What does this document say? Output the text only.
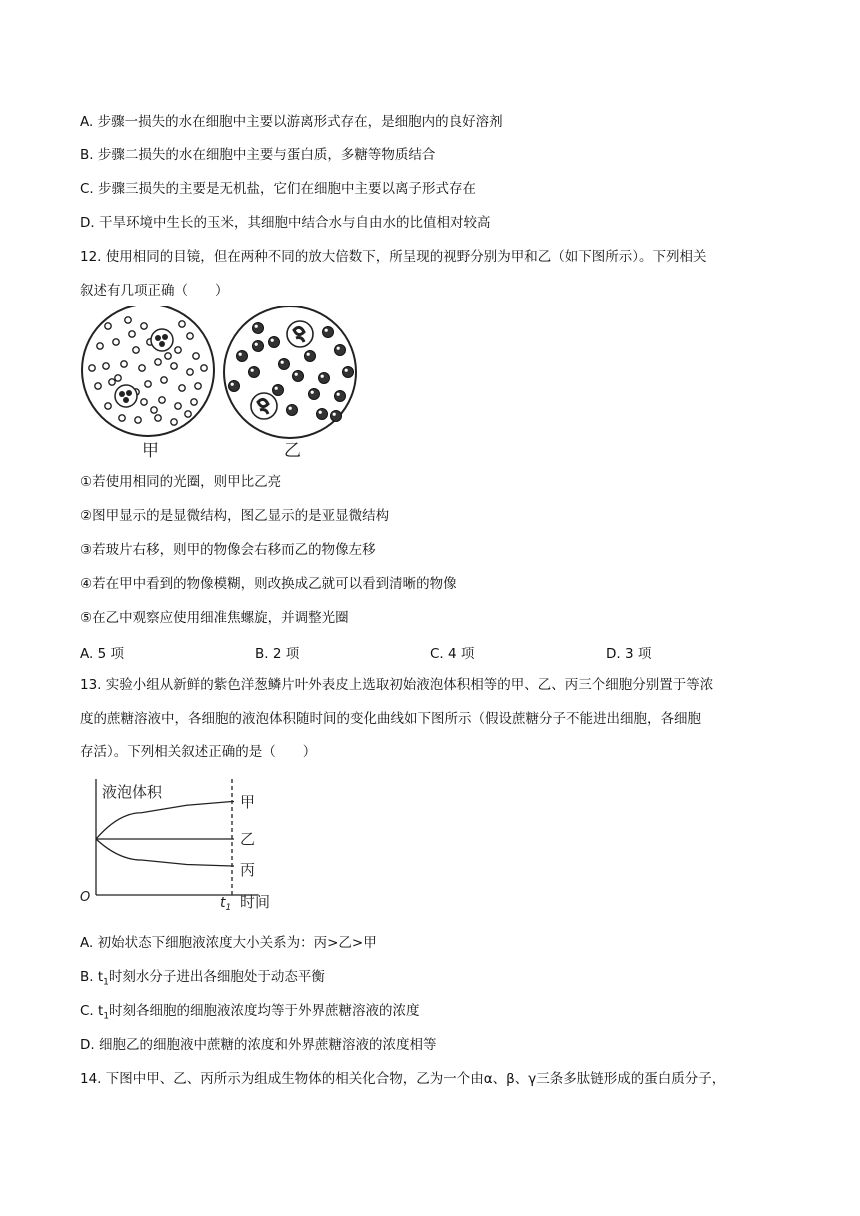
A. 步骤一损失的水在细胞中主要以游离形式存在，是细胞内的良好溶剂
B. 步骤二损失的水在细胞中主要与蛋白质，多糖等物质结合
C. 步骤三损失的主要是无机盐，它们在细胞中主要以离子形式存在
D. 干旱环境中生长的玉米，其细胞中结合水与自由水的比值相对较高
12. 使用相同的目镜，但在两种不同的放大倍数下，所呈现的视野分别为甲和乙（如下图所示）。下列相关
叙述有几项正确（　　）
甲	乙
①若使用相同的光圈，则甲比乙亮
②图甲显示的是显微结构，图乙显示的是亚显微结构
③若玻片右移，则甲的物像会右移而乙的物像左移
④若在甲中看到的物像模糊，则改换成乙就可以看到清晰的物像
⑤在乙中观察应使用细准焦螺旋，并调整光圈
A. 5 项	B. 2 项	C. 4 项	D. 3 项
13. 实验小组从新鲜的紫色洋葱鳞片叶外表皮上选取初始液泡体积相等的甲、乙、丙三个细胞分别置于等浓
度的蔗糖溶液中，各细胞的液泡体积随时间的变化曲线如下图所示（假设蔗糖分子不能进出细胞，各细胞
存活）。下列相关叙述正确的是（　　）
液泡体积
O	$t_1$ 时间
甲
乙
丙
A. 初始状态下细胞液浓度大小关系为：丙>乙>甲
B. $t_1$时刻水分子进出各细胞处于动态平衡
C. $t_1$时刻各细胞的细胞液浓度均等于外界蔗糖溶液的浓度
D. 细胞乙的细胞液中蔗糖的浓度和外界蔗糖溶液的浓度相等
14. 下图中甲、乙、丙所示为组成生物体的相关化合物，乙为一个由α、β、γ三条多肽链形成的蛋白质分子，
